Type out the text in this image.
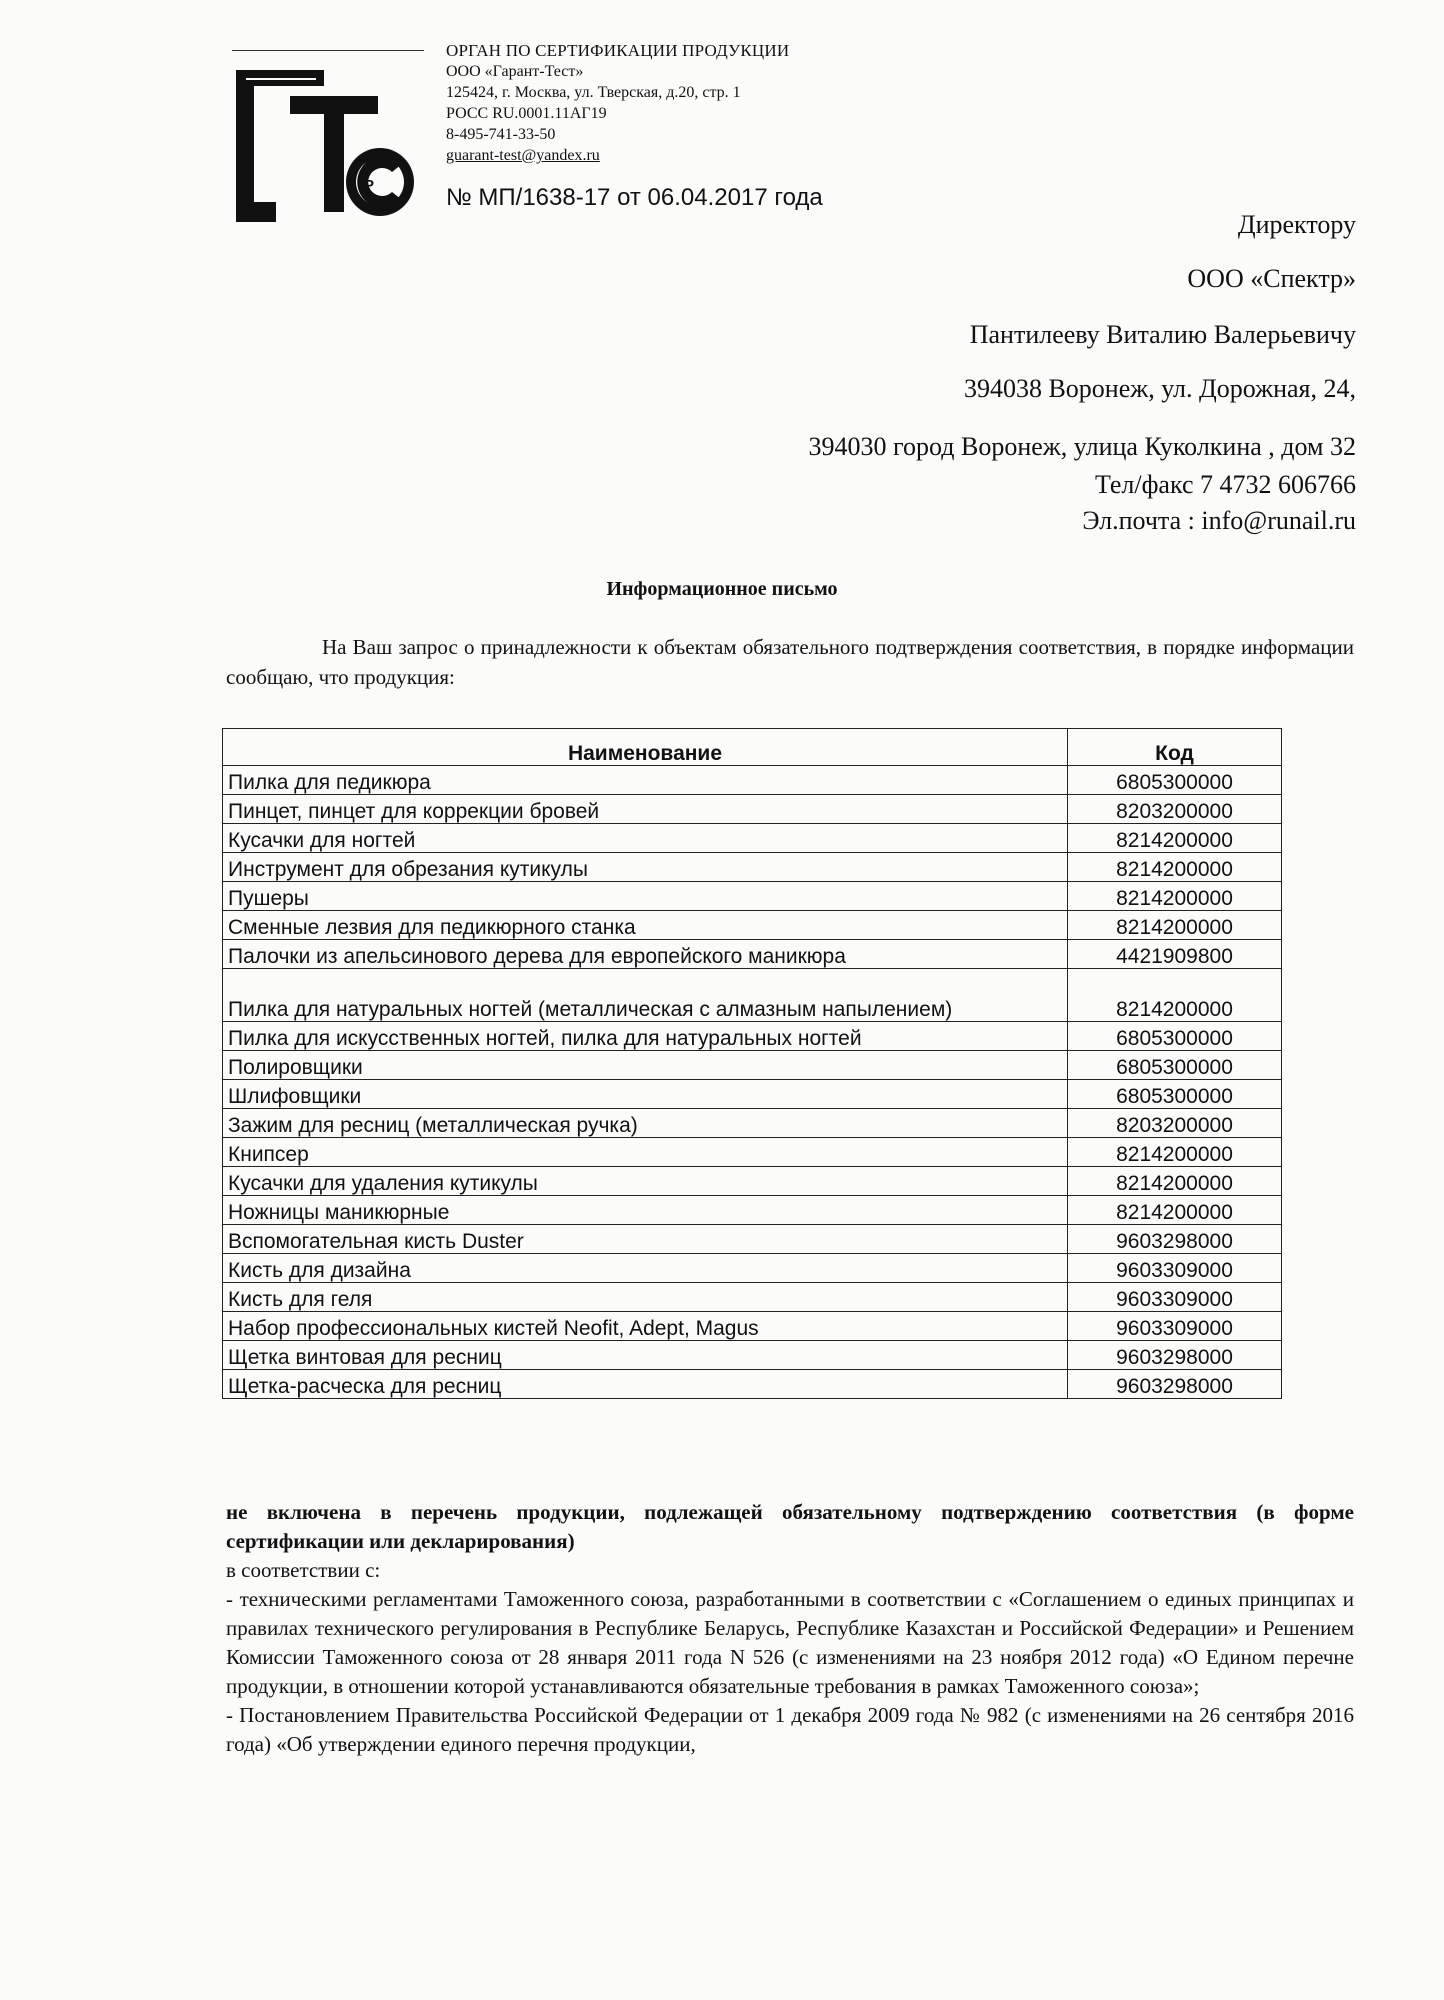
P
ОРГАН ПО СЕРТИФИКАЦИИ ПРОДУКЦИИ
ООО «Гарант-Тест»
125424, г. Москва, ул. Тверская, д.20, стр. 1
РОСС RU.0001.11АГ19
8-495-741-33-50
guarant-test@yandex.ru
№ МП/1638-17 от 06.04.2017 года
Директору
ООО «Спектр»
Пантилееву Виталию Валерьевичу
394038 Воронеж, ул. Дорожная, 24,
394030 город Воронеж, улица Куколкина , дом 32
Тел/факс 7 4732 606766
Эл.почта : info@runail.ru
Информационное письмо
На Ваш запрос о принадлежности к объектам обязательного подтверждения соответствия, в порядке информации сообщаю, что продукция:
Наименование	Код
Пилка для педикюра	6805300000
Пинцет, пинцет для коррекции бровей	8203200000
Кусачки для ногтей	8214200000
Инструмент для обрезания кутикулы	8214200000
Пушеры	8214200000
Сменные лезвия для педикюрного станка	8214200000
Палочки из апельсинового дерева для европейского маникюра	4421909800
Пилка для натуральных ногтей (металлическая с алмазным напылением)	8214200000
Пилка для искусственных ногтей, пилка для натуральных ногтей	6805300000
Полировщики	6805300000
Шлифовщики	6805300000
Зажим для ресниц (металлическая ручка)	8203200000
Книпсер	8214200000
Кусачки для удаления кутикулы	8214200000
Ножницы маникюрные	8214200000
Вспомогательная кисть Duster	9603298000
Кисть для дизайна	9603309000
Кисть для геля	9603309000
Набор профессиональных кистей Neofit, Adept, Magus	9603309000
Щетка винтовая для ресниц	9603298000
Щетка-расческа для ресниц	9603298000

не включена в перечень продукции, подлежащей обязательному подтверждению соответствия (в форме сертификации или декларирования)

в соответствии с:

- техническими регламентами Таможенного союза, разработанными в соответствии с «Соглашением о единых принципах и правилах технического регулирования в Республике Беларусь, Республике Казахстан и Российской Федерации» и Решением Комиссии Таможенного союза от 28 января 2011 года N 526 (с изменениями на 23 ноября 2012 года) «О Едином перечне продукции, в отношении которой устанавливаются обязательные требования в рамках Таможенного союза»;

- Постановлением Правительства Российской Федерации от 1 декабря 2009 года № 982 (с изменениями на 26 сентября 2016 года) «Об утверждении единого перечня продукции,
